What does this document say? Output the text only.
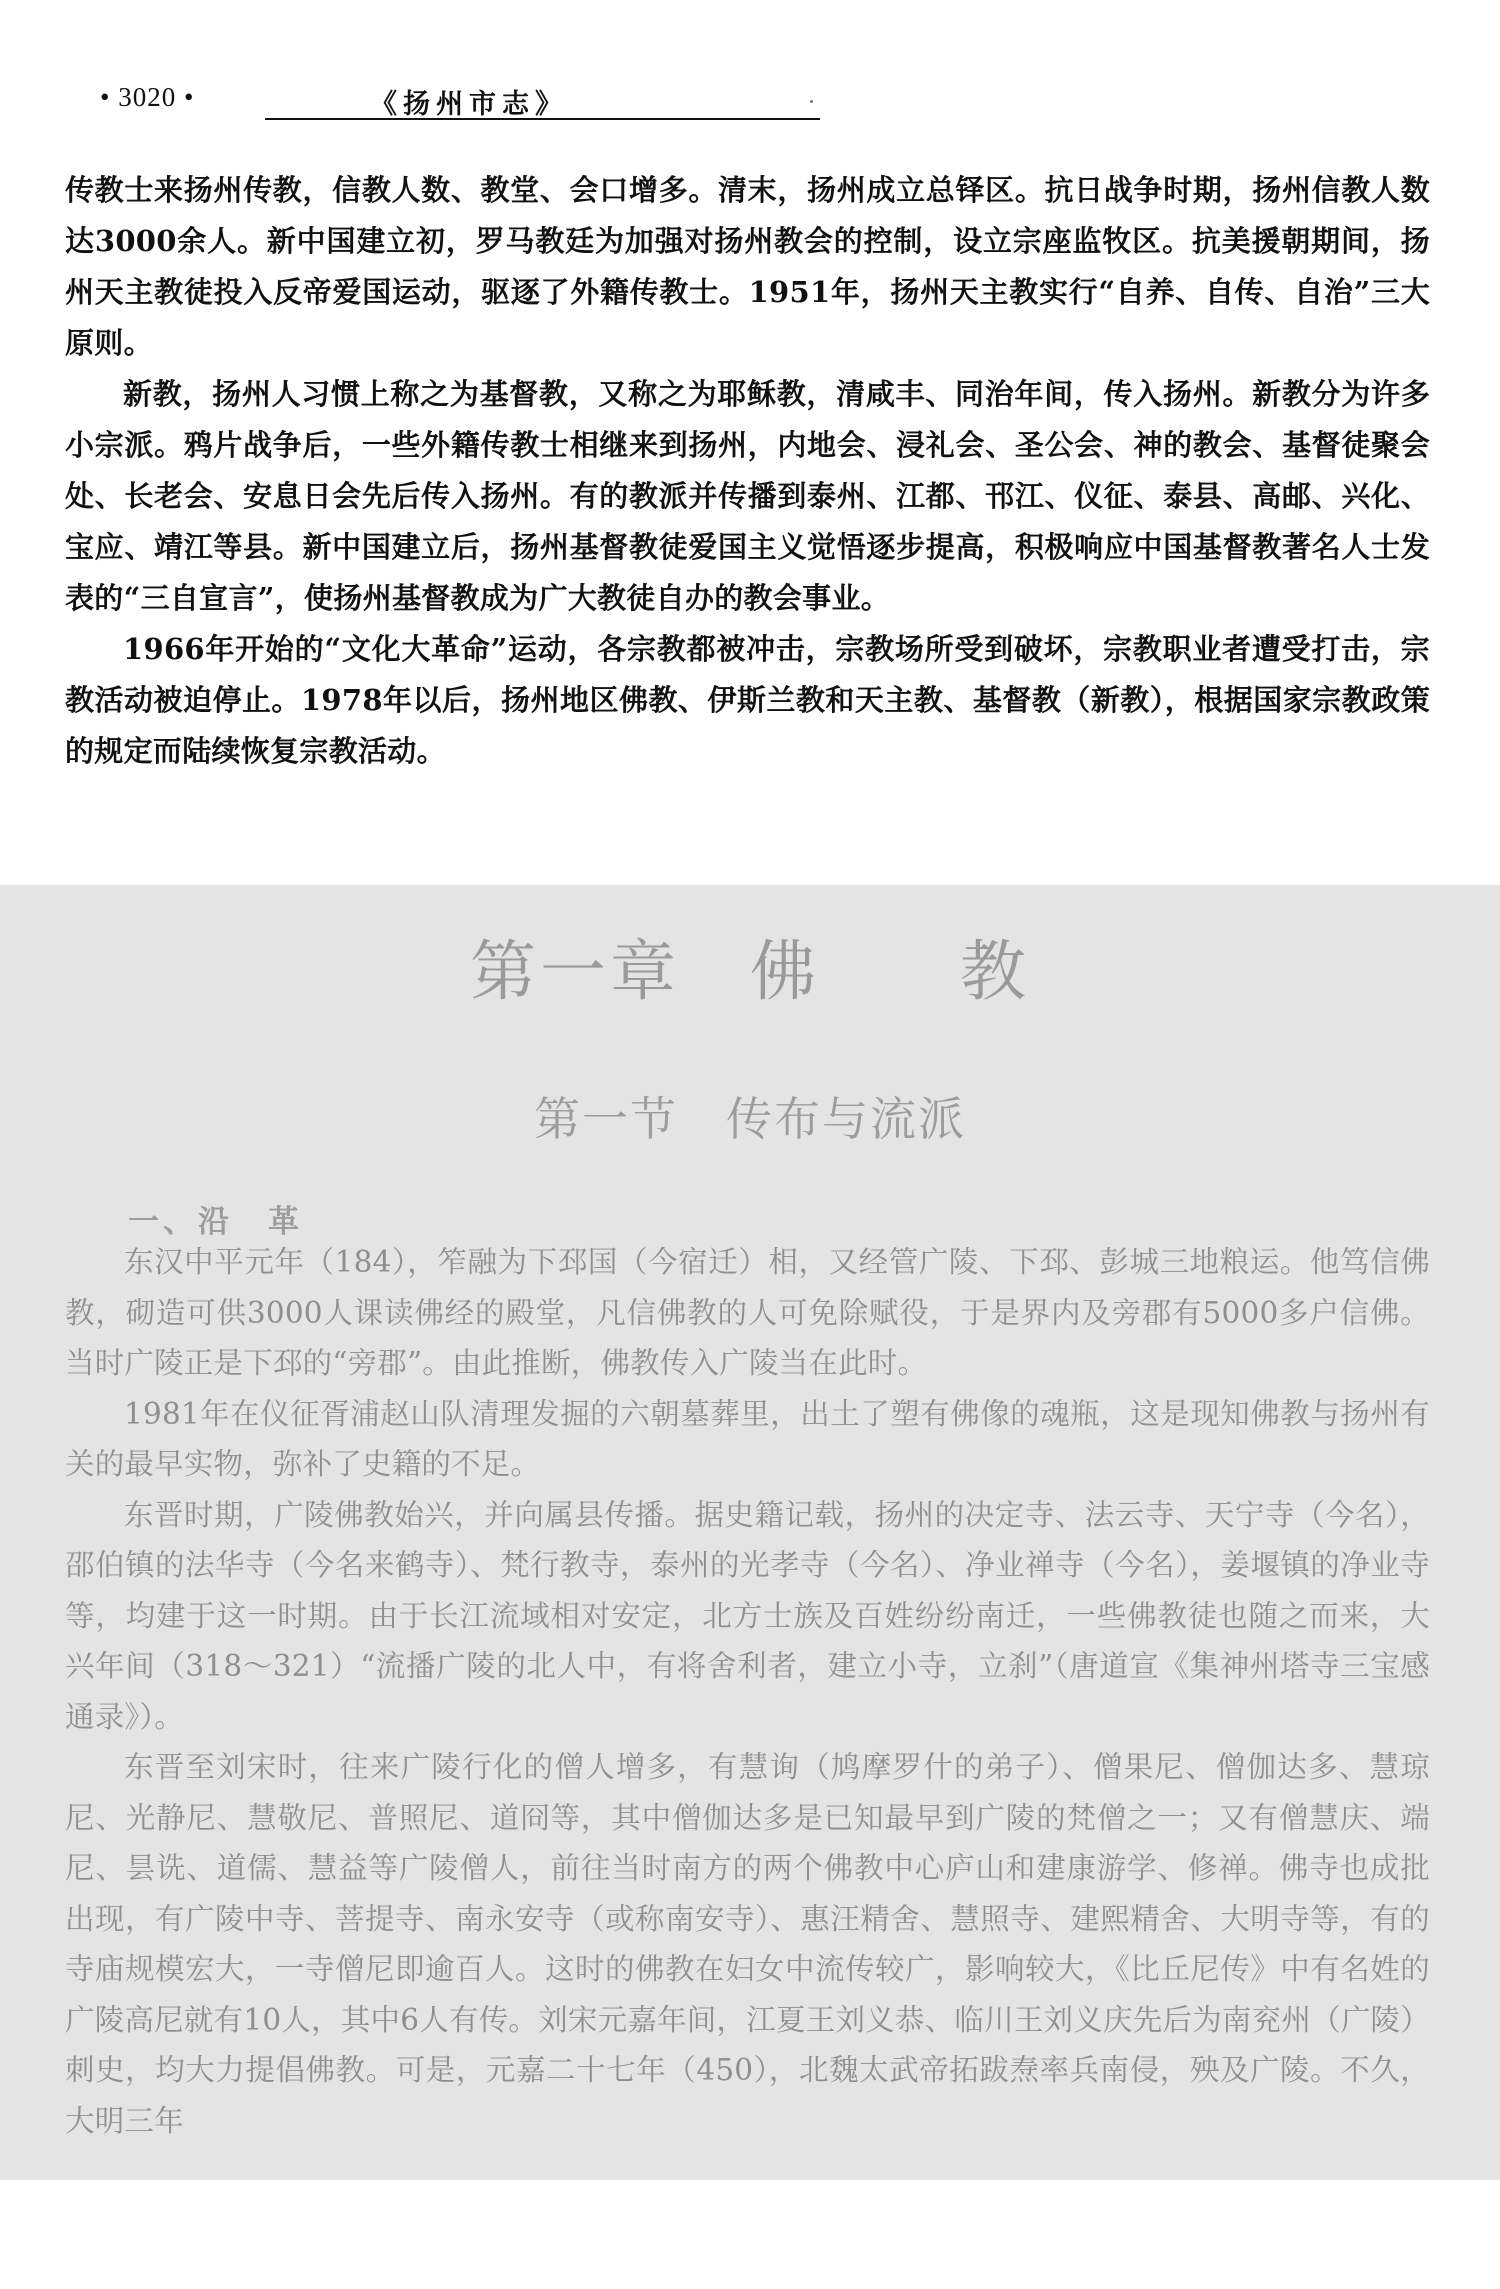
• 3020 •	《扬州市志》

传教士来扬州传教，信教人数、教堂、会口增多。清末，扬州成立总铎区。抗日战争时期，扬州信教人数达3000余人。新中国建立初，罗马教廷为加强对扬州教会的控制，设立宗座监牧区。抗美援朝期间，扬州天主教徒投入反帝爱国运动，驱逐了外籍传教士。1951年，扬州天主教实行“自养、自传、自治”三大原则。

新教，扬州人习惯上称之为基督教，又称之为耶稣教，清咸丰、同治年间，传入扬州。新教分为许多小宗派。鸦片战争后，一些外籍传教士相继来到扬州，内地会、浸礼会、圣公会、神的教会、基督徒聚会处、长老会、安息日会先后传入扬州。有的教派并传播到泰州、江都、邗江、仪征、泰县、高邮、兴化、宝应、靖江等县。新中国建立后，扬州基督教徒爱国主义觉悟逐步提高，积极响应中国基督教著名人士发表的“三自宣言”，使扬州基督教成为广大教徒自办的教会事业。

1966年开始的“文化大革命”运动，各宗教都被冲击，宗教场所受到破坏，宗教职业者遭受打击，宗教活动被迫停止。1978年以后，扬州地区佛教、伊斯兰教和天主教、基督教（新教），根据国家宗教政策的规定而陆续恢复宗教活动。

第一章　佛　　教
第一节　传布与流派
一、沿　革

东汉中平元年（184），笮融为下邳国（今宿迁）相，又经管广陵、下邳、彭城三地粮运。他笃信佛教，砌造可供3000人课读佛经的殿堂，凡信佛教的人可免除赋役，于是界内及旁郡有5000多户信佛。当时广陵正是下邳的“旁郡”。由此推断，佛教传入广陵当在此时。

1981年在仪征胥浦赵山队清理发掘的六朝墓葬里，出土了塑有佛像的魂瓶，这是现知佛教与扬州有关的最早实物，弥补了史籍的不足。

东晋时期，广陵佛教始兴，并向属县传播。据史籍记载，扬州的决定寺、法云寺、天宁寺（今名），邵伯镇的法华寺（今名来鹤寺）、梵行教寺，泰州的光孝寺（今名）、净业禅寺（今名），姜堰镇的净业寺等，均建于这一时期。由于长江流域相对安定，北方士族及百姓纷纷南迁，一些佛教徒也随之而来，大兴年间（318～321）“流播广陵的北人中，有将舍利者，建立小寺，立刹”（唐道宣《集神州塔寺三宝感通录》）。

东晋至刘宋时，往来广陵行化的僧人增多，有慧询（鸠摩罗什的弟子）、僧果尼、僧伽达多、慧琼尼、光静尼、慧敬尼、普照尼、道冏等，其中僧伽达多是已知最早到广陵的梵僧之一；又有僧慧庆、端尼、昙诜、道儒、慧益等广陵僧人，前往当时南方的两个佛教中心庐山和建康游学、修禅。佛寺也成批出现，有广陵中寺、菩提寺、南永安寺（或称南安寺）、惠汪精舍、慧照寺、建熙精舍、大明寺等，有的寺庙规模宏大，一寺僧尼即逾百人。这时的佛教在妇女中流传较广，影响较大，《比丘尼传》中有名姓的广陵高尼就有10人，其中6人有传。刘宋元嘉年间，江夏王刘义恭、临川王刘义庆先后为南兖州（广陵）刺史，均大力提倡佛教。可是，元嘉二十七年（450），北魏太武帝拓跋焘率兵南侵，殃及广陵。不久，大明三年
